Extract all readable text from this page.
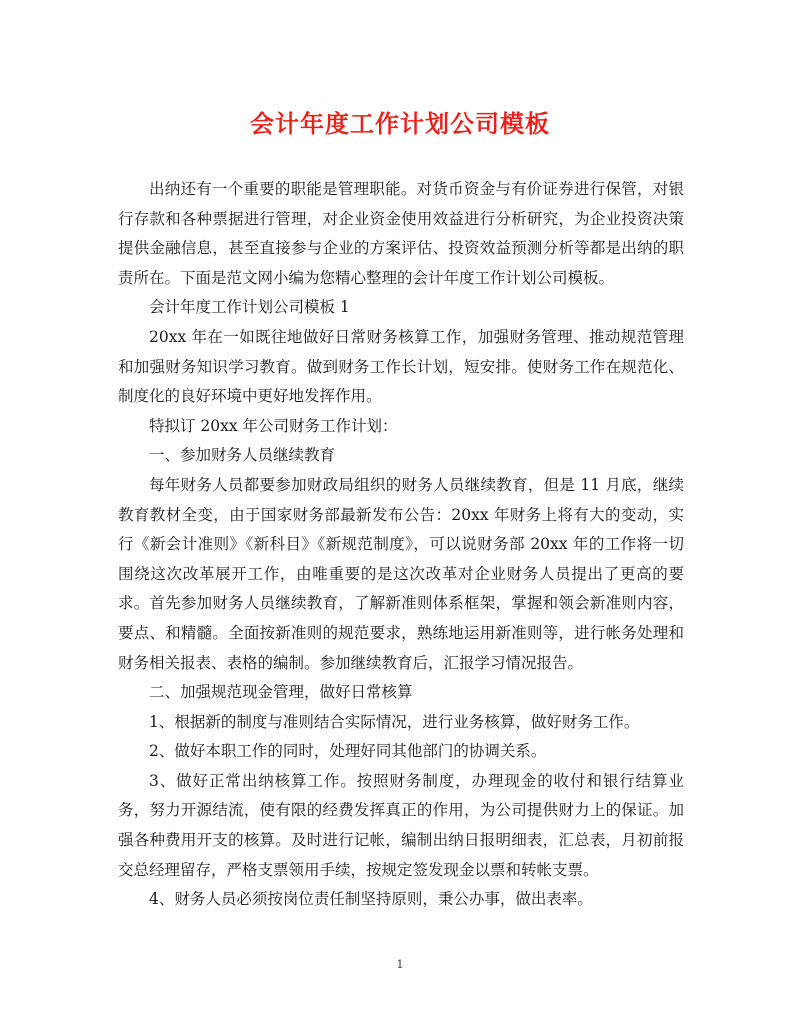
会计年度工作计划公司模板

出纳还有一个重要的职能是管理职能。对货币资金与有价证券进行保管，对银行存款和各种票据进行管理，对企业资金使用效益进行分析研究，为企业投资决策提供金融信息，甚至直接参与企业的方案评估、投资效益预测分析等都是出纳的职责所在。下面是范文网小编为您精心整理的会计年度工作计划公司模板。

会计年度工作计划公司模板 1

20xx 年在一如既往地做好日常财务核算工作，加强财务管理、推动规范管理和加强财务知识学习教育。做到财务工作长计划，短安排。使财务工作在规范化、制度化的良好环境中更好地发挥作用。

特拟订 20xx 年公司财务工作计划：

一、参加财务人员继续教育

每年财务人员都要参加财政局组织的财务人员继续教育，但是 11 月底，继续教育教材全变，由于国家财务部最新发布公告：20xx 年财务上将有大的变动，实行《新会计准则》《新科目》《新规范制度》，可以说财务部 20xx 年的工作将一切围绕这次改革展开工作，由唯重要的是这次改革对企业财务人员提出了更高的要求。首先参加财务人员继续教育，了解新准则体系框架，掌握和领会新准则内容，要点、和精髓。全面按新准则的规范要求，熟练地运用新准则等，进行帐务处理和财务相关报表、表格的编制。参加继续教育后，汇报学习情况报告。

二、加强规范现金管理，做好日常核算

1、根据新的制度与准则结合实际情况，进行业务核算，做好财务工作。

2、做好本职工作的同时，处理好同其他部门的协调关系。

3、做好正常出纳核算工作。按照财务制度，办理现金的收付和银行结算业务，努力开源结流，使有限的经费发挥真正的作用，为公司提供财力上的保证。加强各种费用开支的核算。及时进行记帐，编制出纳日报明细表，汇总表，月初前报交总经理留存，严格支票领用手续，按规定签发现金以票和转帐支票。

4、财务人员必须按岗位责任制坚持原则，秉公办事，做出表率。

1
